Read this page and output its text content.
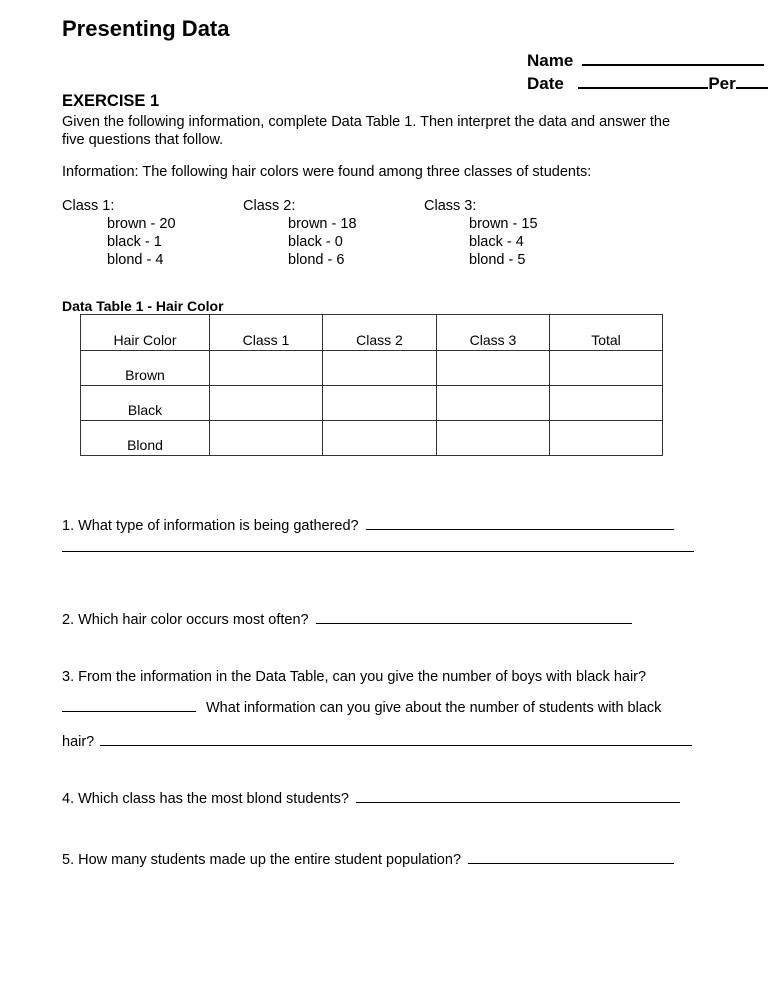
Presenting Data
Name
Date	Per
EXERCISE 1
Given the following information, complete Data Table 1. Then interpret the data and answer the
five questions that follow.
Information: The following hair colors were found among three classes of students:
Class 1:
brown - 20
black - 1
blond - 4
Class 2:
brown - 18
black - 0
blond - 6
Class 3:
brown - 15
black - 4
blond - 5
Data Table 1 - Hair Color
Hair Color	Class 1	Class 2	Class 3	Total
Brown				
Black				
Blond				
1. What type of information is being gathered?
2. Which hair color occurs most often?
3. From the information in the Data Table, can you give the number of boys with black hair?
What information can you give about the number of students with black
hair?
4. Which class has the most blond students?
5. How many students made up the entire student population?
